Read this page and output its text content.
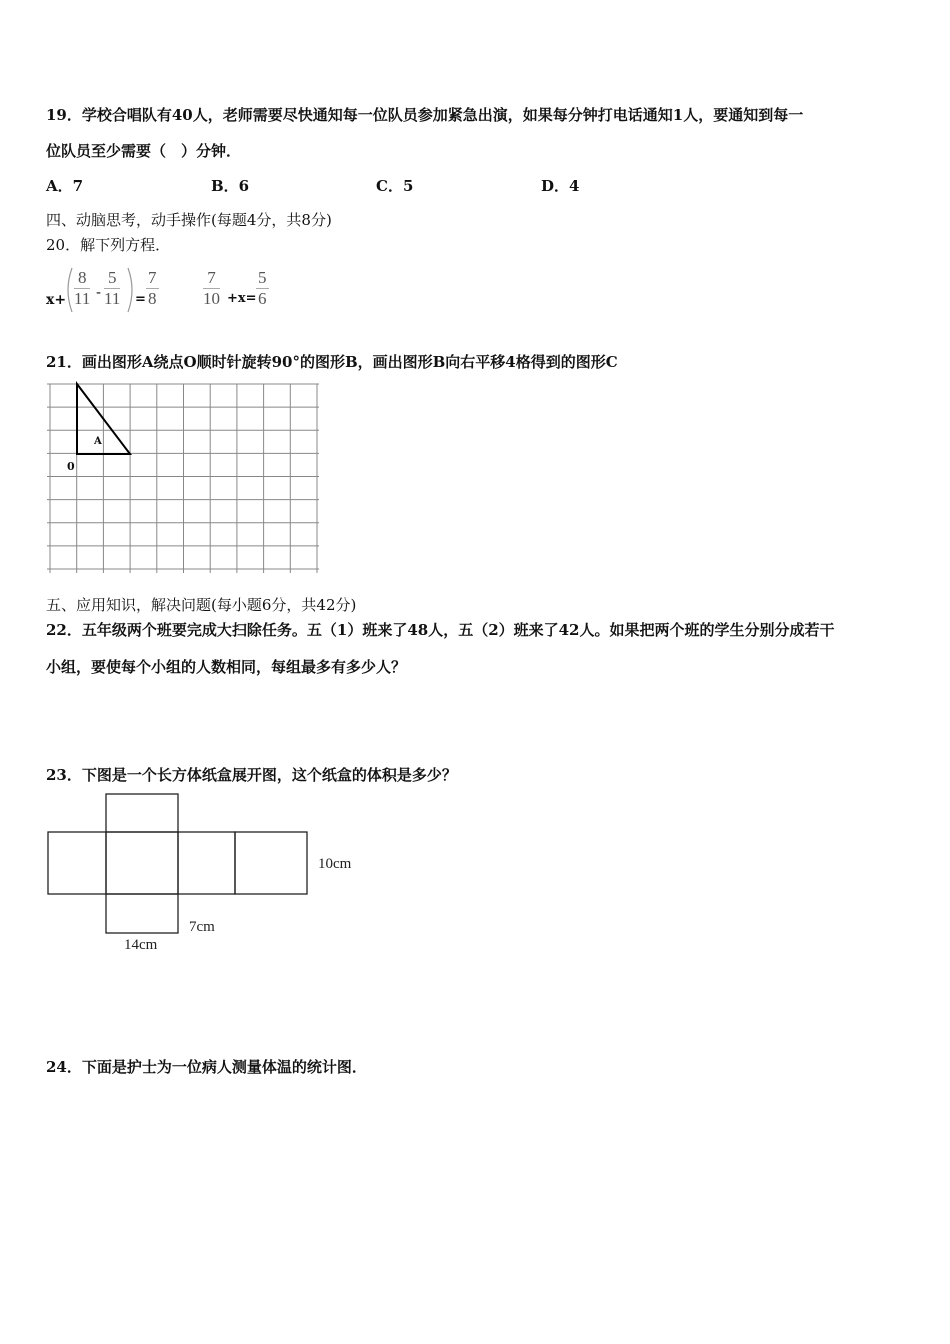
19．学校合唱队有40人，老师需要尽快通知每一位队员参加紧急出演，如果每分钟打电话通知1人，要通知到每一
位队员至少需要（　）分钟．
A．7	B．6	C．5	D．4
四、动脑思考，动手操作(每题4分，共8分)
20．解下列方程．
$x+ \frac{8}{11} - \frac{5}{11} = \frac{7}{8}$	$\frac{7}{10} +x= \frac{5}{6}$
21．画出图形A绕点O顺时针旋转90°的图形B，画出图形B向右平移4格得到的图形C
A
0
五、应用知识，解决问题(每小题6分，共42分)
22．五年级两个班要完成大扫除任务。五（1）班来了48人，五（2）班来了42人。如果把两个班的学生分别分成若干
小组，要使每个小组的人数相同，每组最多有多少人？
23．下图是一个长方体纸盒展开图，这个纸盒的体积是多少？
10cm
7cm
14cm
24．下面是护士为一位病人测量体温的统计图．
